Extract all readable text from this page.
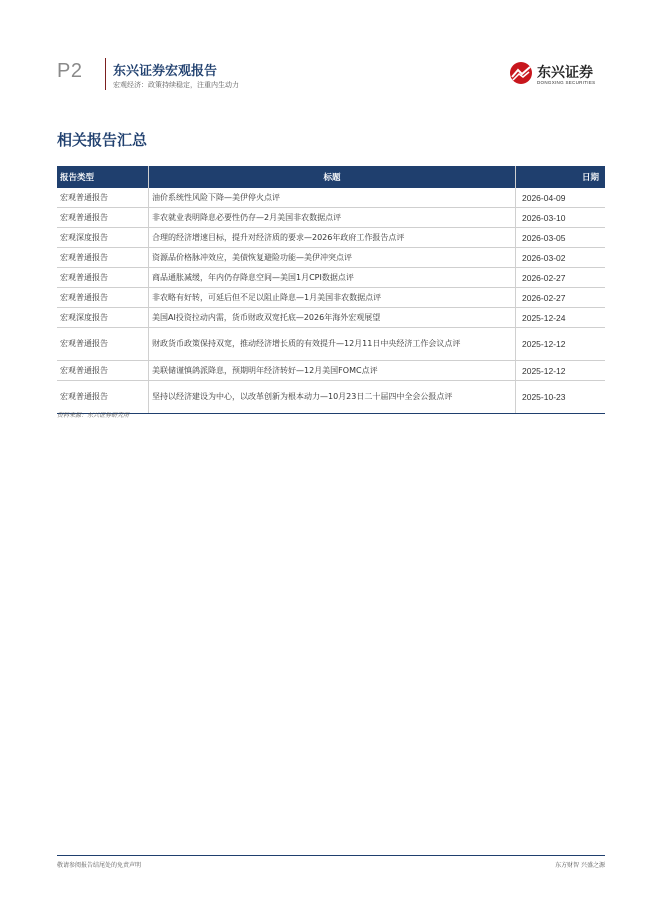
P2 东兴证券宏观报告
宏观经济：政策持续稳定，注重内生动力
东兴证券
DONGXING SECURITIES
相关报告汇总
报告类型	标题	日期
宏观普通报告	油价系统性风险下降—美伊停火点评	2026-04-09
宏观普通报告	非农就业表明降息必要性仍存—2月美国非农数据点评	2026-03-10
宏观深度报告	合理的经济增速目标，提升对经济质的要求—2026年政府工作报告点评	2026-03-05
宏观普通报告	资源品价格脉冲效应，美债恢复避险功能—美伊冲突点评	2026-03-02
宏观普通报告	商品通胀减缓，年内仍存降息空间—美国1月CPI数据点评	2026-02-27
宏观普通报告	非农略有好转，可延后但不足以阻止降息—1月美国非农数据点评	2026-02-27
宏观深度报告	美国AI投资拉动内需，货币财政双宽托底—2026年海外宏观展望	2025-12-24
宏观普通报告	财政货币政策保持双宽，推动经济增长质的有效提升—12月11日中央经济工作会议点评	2025-12-12
宏观普通报告	美联储谨慎鸽派降息，预期明年经济转好—12月美国FOMC点评	2025-12-12
宏观普通报告	坚持以经济建设为中心，以改革创新为根本动力—10月23日二十届四中全会公报点评	2025-10-23
资料来源：东兴证券研究所
敬请参阅报告结尾处的免责声明	东方财智 兴盛之源
